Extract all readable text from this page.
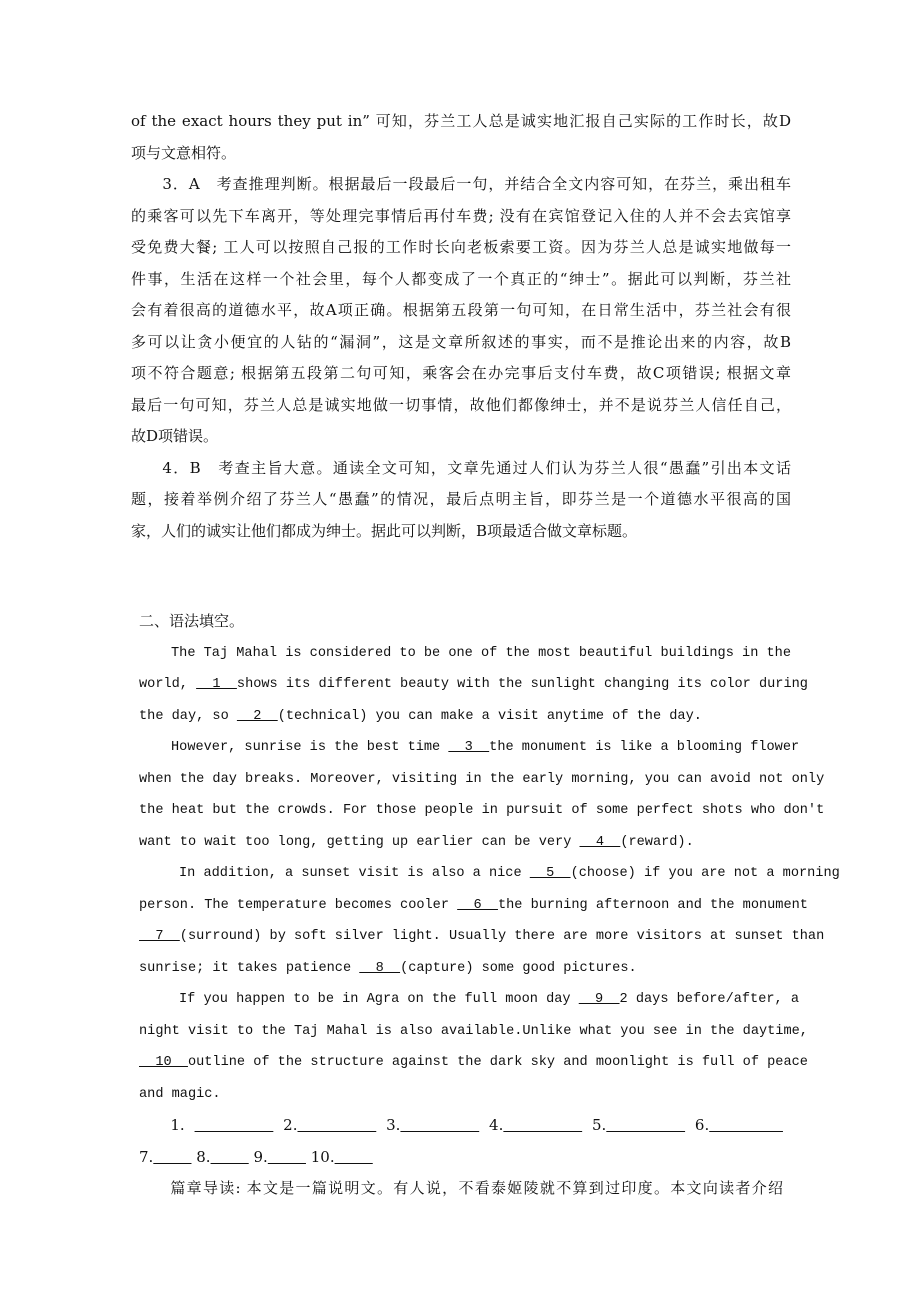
of the exact hours they put in” 可知，芬兰工人总是诚实地汇报自己实际的工作时长，故D
项与文意相符。
3．A　考查推理判断。根据最后一段最后一句，并结合全文内容可知，在芬兰，乘出租车
的乘客可以先下车离开，等处理完事情后再付车费; 没有在宾馆登记入住的人并不会去宾馆享
受免费大餐; 工人可以按照自己报的工作时长向老板索要工资。因为芬兰人总是诚实地做每一
件事，生活在这样一个社会里，每个人都变成了一个真正的“绅士”。据此可以判断，芬兰社
会有着很高的道德水平，故A项正确。根据第五段第一句可知，在日常生活中，芬兰社会有很
多可以让贪小便宜的人钻的“漏洞”，这是文章所叙述的事实，而不是推论出来的内容，故B
项不符合题意; 根据第五段第二句可知，乘客会在办完事后支付车费，故C项错误; 根据文章
最后一句可知，芬兰人总是诚实地做一切事情，故他们都像绅士，并不是说芬兰人信任自己，
故D项错误。
4．B　考查主旨大意。通读全文可知，文章先通过人们认为芬兰人很“愚蠢”引出本文话
题，接着举例介绍了芬兰人“愚蠢”的情况，最后点明主旨，即芬兰是一个道德水平很高的国
家，人们的诚实让他们都成为绅士。据此可以判断，B项最适合做文章标题。
二、语法填空。
The Taj Mahal is considered to be one of the most beautiful buildings in the
world,   1  shows its different beauty with the sunlight changing its color during
the day, so   2  (technical) you can make a visit anytime of the day.
However, sunrise is the best time   3  the monument is like a blooming flower
when the day breaks. Moreover, visiting in the early morning, you can avoid not only
the heat but the crowds. For those people in pursuit of some perfect shots who don't
want to wait too long, getting up earlier can be very   4  (reward).
In addition, a sunset visit is also a nice   5  (choose) if you are not a morning
person. The temperature becomes cooler   6  the burning afternoon and the monument
7  (surround) by soft silver light. Usually there are more visitors at sunset than
sunrise; it takes patience   8  (capture) some good pictures.
If you happen to be in Agra on the full moon day   9  2 days before/after, a
night visit to the Taj Mahal is also available.Unlike what you see in the daytime,
10  outline of the structure against the dark sky and moonlight is full of peace
and magic.
1.	2.	3.	4.	5.	6.
7.	8.	9.	10.
篇章导读: 本文是一篇说明文。有人说，不看泰姬陵就不算到过印度。本文向读者介绍
